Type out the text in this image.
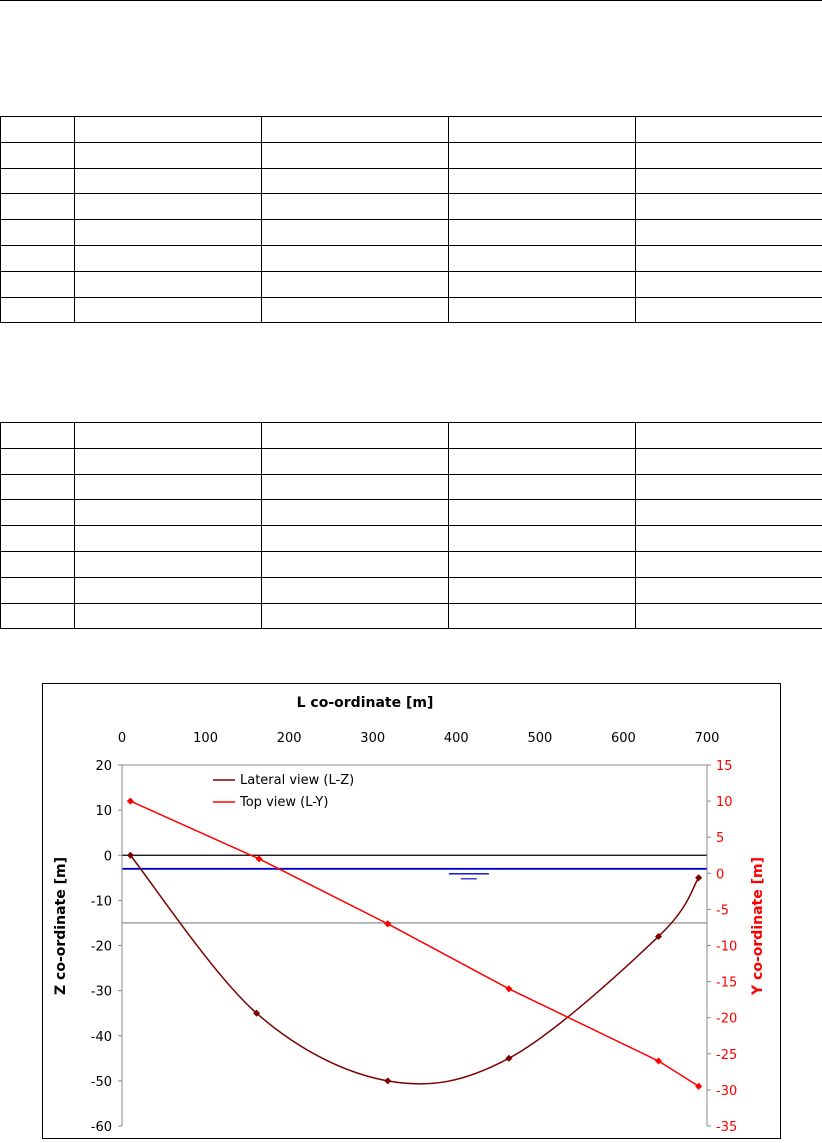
0	100	200	300	400	500	600	700
20
10
0
-10
-20
-30
-40
-50
-60
15
10
5
0
-5
-10
-15
-20
-25
-30
-35
Lateral view (L-Z)
Top view (L-Y)
L co-ordinate [m]
Z co-ordinate [m]	Y co-ordinate [m]
